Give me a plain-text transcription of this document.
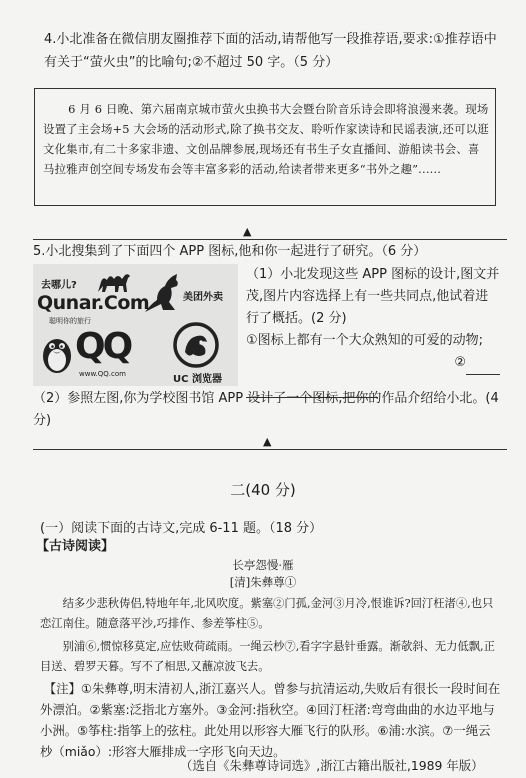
4.小北准备在微信朋友圈推荐下面的活动,请帮他写一段推荐语,要求:①推荐语中有关于“萤火虫”的比喻句;②不超过 50 字。（5 分）
6 月 6 日晚、第六届南京城市萤火虫换书大会暨台阶音乐诗会即将浪漫来袭。现场设置了主会场+5 大会场的活动形式,除了换书交友、聆听作家读诗和民谣表演,还可以逛文化集市,有二十多家非遗、文创品牌参展,现场还有书生子女直播间、游船读书会、喜马拉雅声创空间专场发布会等丰富多彩的活动,给读者带来更多“书外之趣”......
▲
5.小北搜集到了下面四个 APP 图标,他和你一起进行了研究。（6 分）
去哪儿?
Qunar.Com
聪明你的旅行
美团外卖
QQ
www.QQ.com	UC 浏览器

（1）小北发现这些 APP 图标的设计,图文并茂,图片内容选择上有一些共同点,他试着进行了概括。(2 分)

①图标上都有一个大众熟知的可爱的动物;

②

（2）参照左图,你为学校图书馆 APP 设计了一个图标,把你的作品介绍给小北。(4 分)
▲
二(40 分)
(一）阅读下面的古诗文,完成 6-11 题。（18 分）
【古诗阅读】
长亭怨慢·雁
[清]朱彝尊①

结多少悲秋俦侣,特地年年,北风吹度。紫塞②门孤,金河③月冷,恨谁诉?回汀枉渚④,也只恋江南住。随意落平沙,巧排作、参差筝柱⑤。

别浦⑥,惯惊移莫定,应怯败荷疏雨。一绳云杪⑦,看字字悬针垂露。渐欹斜、无力低飘,正目送、碧罗天暮。写不了相思,又蘸凉波飞去。

【注】①朱彝尊,明末清初人,浙江嘉兴人。曾参与抗清运动,失败后有很长一段时间在外漂泊。②紫塞:泛指北方塞外。③金河:指秋空。④回汀枉渚:弯弯曲曲的水边平地与小洲。⑤筝柱:指筝上的弦柱。此处用以形容大雁飞行的队形。⑥浦:水滨。⑦一绳云杪（miǎo）:形容大雁排成一字形飞向天边。

（选自《朱彝尊诗词选》,浙江古籍出版社,1989 年版）
